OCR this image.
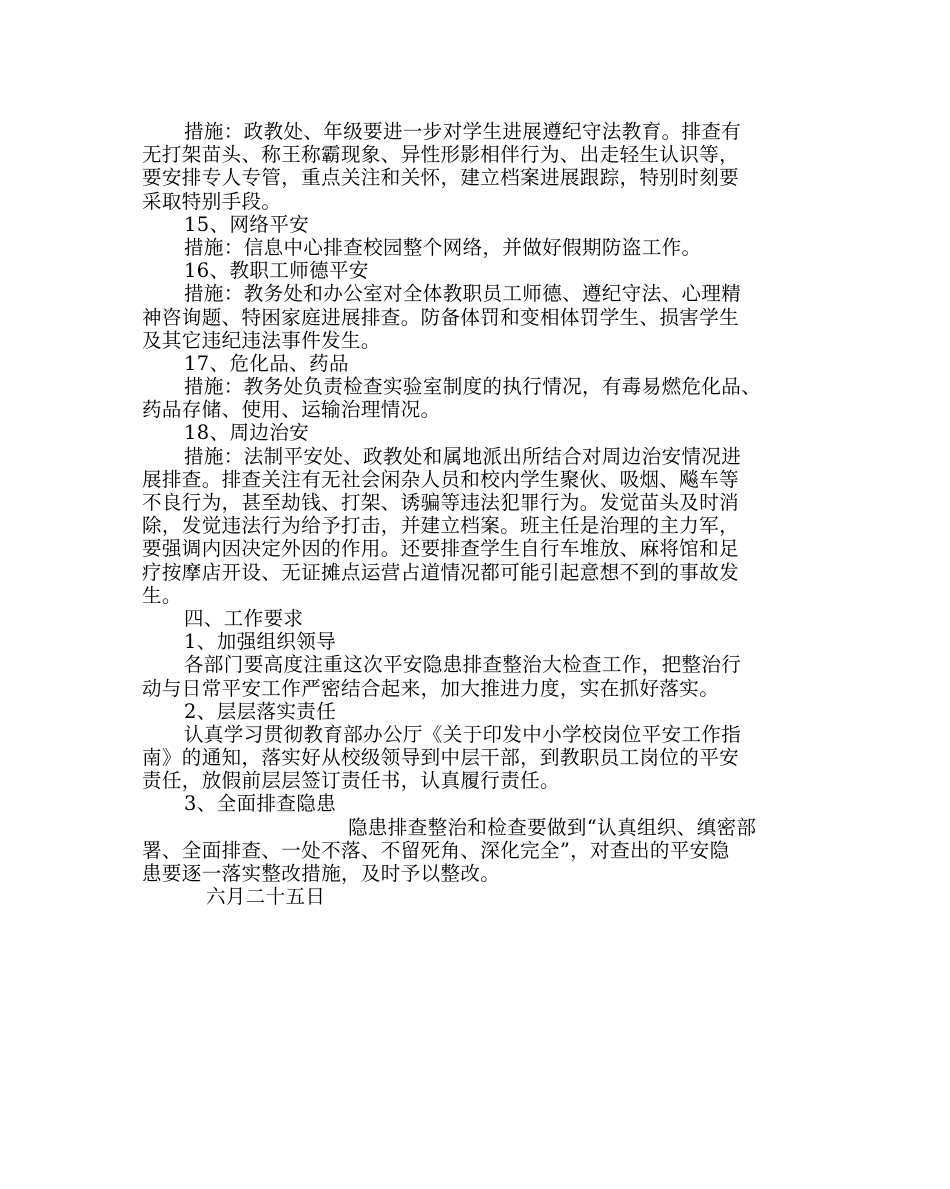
措施：政教处、年级要进一步对学生进展遵纪守法教育。排查有
无打架苗头、称王称霸现象、异性形影相伴行为、出走轻生认识等，
要安排专人专管，重点关注和关怀，建立档案进展跟踪，特别时刻要
采取特别手段。
15、网络平安
措施：信息中心排查校园整个网络，并做好假期防盗工作。
16、教职工师德平安
措施：教务处和办公室对全体教职员工师德、遵纪守法、心理精
神咨询题、特困家庭进展排查。防备体罚和变相体罚学生、损害学生
及其它违纪违法事件发生。
17、危化品、药品
措施：教务处负责检查实验室制度的执行情况，有毒易燃危化品、
药品存储、使用、运输治理情况。
18、周边治安
措施：法制平安处、政教处和属地派出所结合对周边治安情况进
展排查。排查关注有无社会闲杂人员和校内学生聚伙、吸烟、飚车等
不良行为，甚至劫钱、打架、诱骗等违法犯罪行为。发觉苗头及时消
除，发觉违法行为给予打击，并建立档案。班主任是治理的主力军，
要强调内因决定外因的作用。还要排查学生自行车堆放、麻将馆和足
疗按摩店开设、无证摊点运营占道情况都可能引起意想不到的事故发
生。
四、工作要求
1、加强组织领导
各部门要高度注重这次平安隐患排查整治大检查工作，把整治行
动与日常平安工作严密结合起来，加大推进力度，实在抓好落实。
2、层层落实责任
认真学习贯彻教育部办公厅《关于印发中小学校岗位平安工作指
南》的通知，落实好从校级领导到中层干部，到教职员工岗位的平安
责任，放假前层层签订责任书，认真履行责任。
3、全面排查隐患
隐患排查整治和检查要做到“认真组织、缜密部
署、全面排查、一处不落、不留死角、深化完全”，对查出的平安隐
患要逐一落实整改措施，及时予以整改。
六月二十五日
